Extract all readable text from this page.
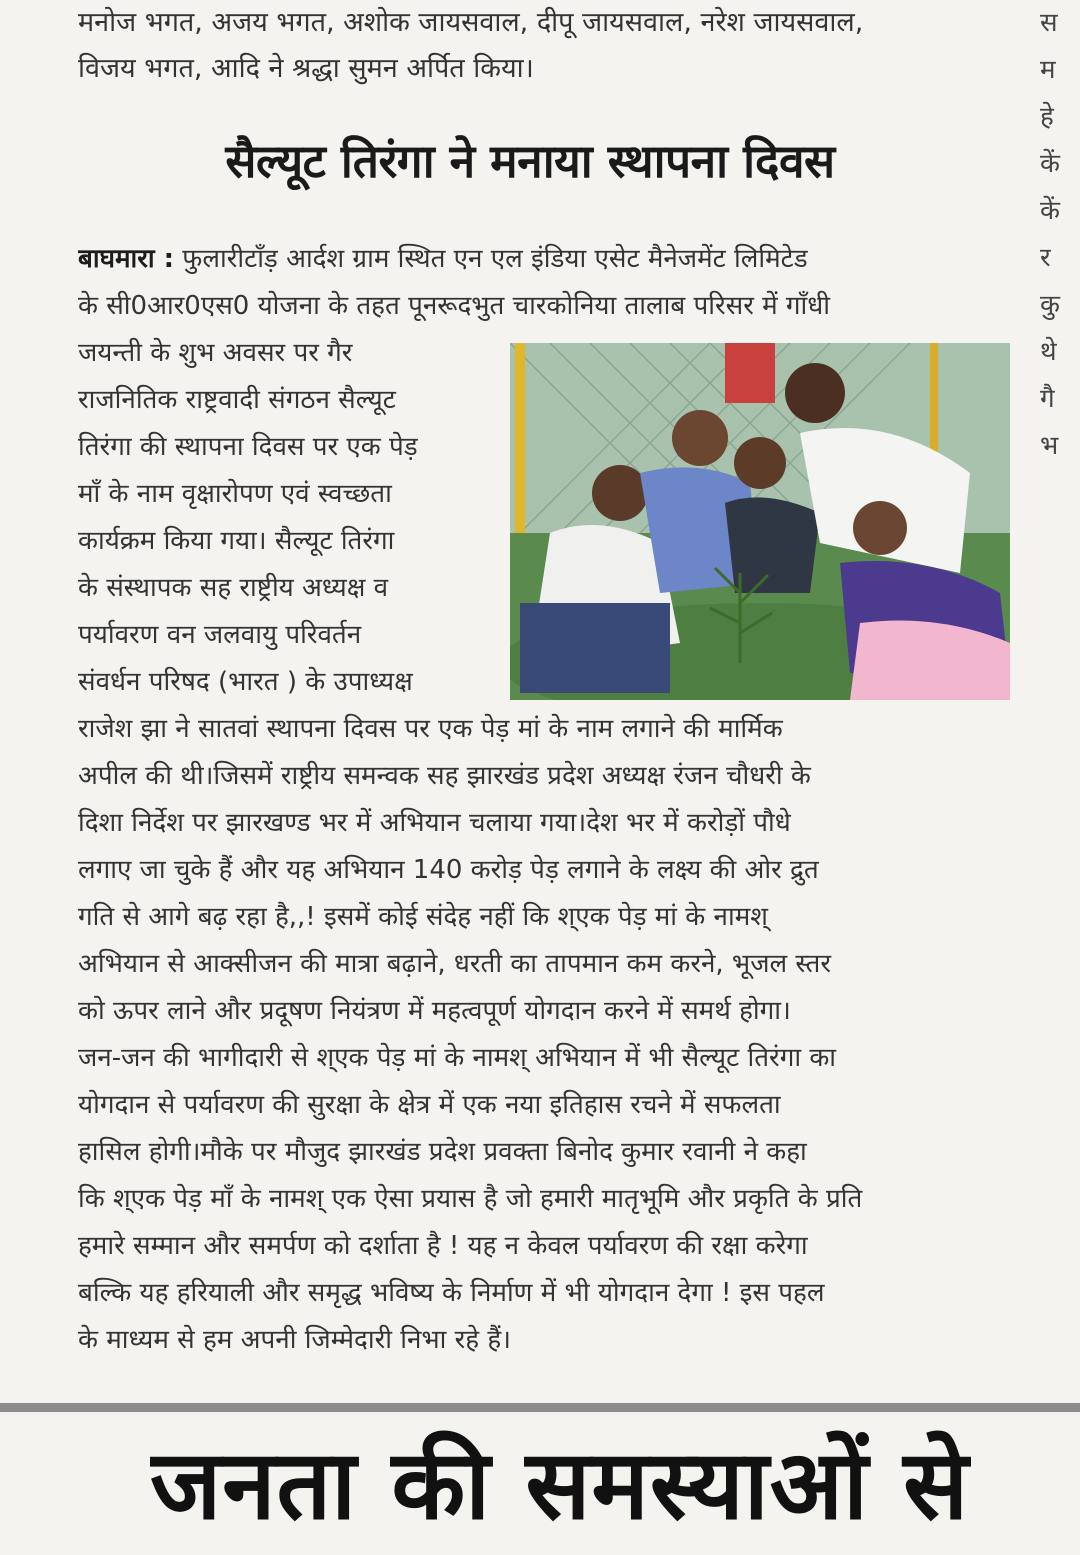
मनोज भगत, अजय भगत, अशोक जायसवाल, दीपू जायसवाल, नरेश जायसवाल,
विजय भगत, आदि ने श्रद्धा सुमन अर्पित किया।
सैल्यूट तिरंगा ने मनाया स्थापना दिवस
बाघमारा : फुलारीटाँड़ आर्दश ग्राम स्थित एन एल इंडिया एसेट मैनेजमेंट लिमिटेड
के सी0आर0एस0 योजना के तहत पूनरूदभुत चारकोनिया तालाब परिसर में गाँधी
जयन्ती के शुभ अवसर पर गैर
राजनितिक राष्ट्रवादी संगठन सैल्यूट
तिरंगा की स्थापना दिवस पर एक पेड़
माँ के नाम वृक्षारोपण एवं स्वच्छता
कार्यक्रम किया गया। सैल्यूट तिरंगा
के संस्थापक सह राष्ट्रीय अध्यक्ष व
पर्यावरण वन जलवायु परिवर्तन
संवर्धन परिषद (भारत ) के उपाध्यक्ष
राजेश झा ने सातवां स्थापना दिवस पर एक पेड़ मां के नाम लगाने की मार्मिक
अपील की थी।जिसमें राष्ट्रीय समन्वक सह झारखंड प्रदेश अध्यक्ष रंजन चौधरी के
दिशा निर्देश पर झारखण्ड भर में अभियान चलाया गया।देश भर में करोड़ों पौधे
लगाए जा चुके हैं और यह अभियान 140 करोड़ पेड़ लगाने के लक्ष्य की ओर द्रुत
गति से आगे बढ़ रहा है,,! इसमें कोई संदेह नहीं कि श्एक पेड़ मां के नामश्
अभियान से आक्सीजन की मात्रा बढ़ाने, धरती का तापमान कम करने, भूजल स्तर
को ऊपर लाने और प्रदूषण नियंत्रण में महत्वपूर्ण योगदान करने में समर्थ होगा।
जन-जन की भागीदारी से श्एक पेड़ मां के नामश् अभियान में भी सैल्यूट तिरंगा का
योगदान से पर्यावरण की सुरक्षा के क्षेत्र में एक नया इतिहास रचने में सफलता
हासिल होगी।मौके पर मौजुद झारखंड प्रदेश प्रवक्ता बिनोद कुमार रवानी ने कहा
कि श्एक पेड़ माँ के नामश् एक ऐसा प्रयास है जो हमारी मातृभूमि और प्रकृति के प्रति
हमारे सम्मान और समर्पण को दर्शाता है ! यह न केवल पर्यावरण की रक्षा करेगा
बल्कि यह हरियाली और समृद्ध भविष्य के निर्माण में भी योगदान देगा ! इस पहल
के माध्यम से हम अपनी जिम्मेदारी निभा रहे हैं।
स
म
हे
कें
कें
र
कु
थे
गै
भ
जनता की समस्याओं से
